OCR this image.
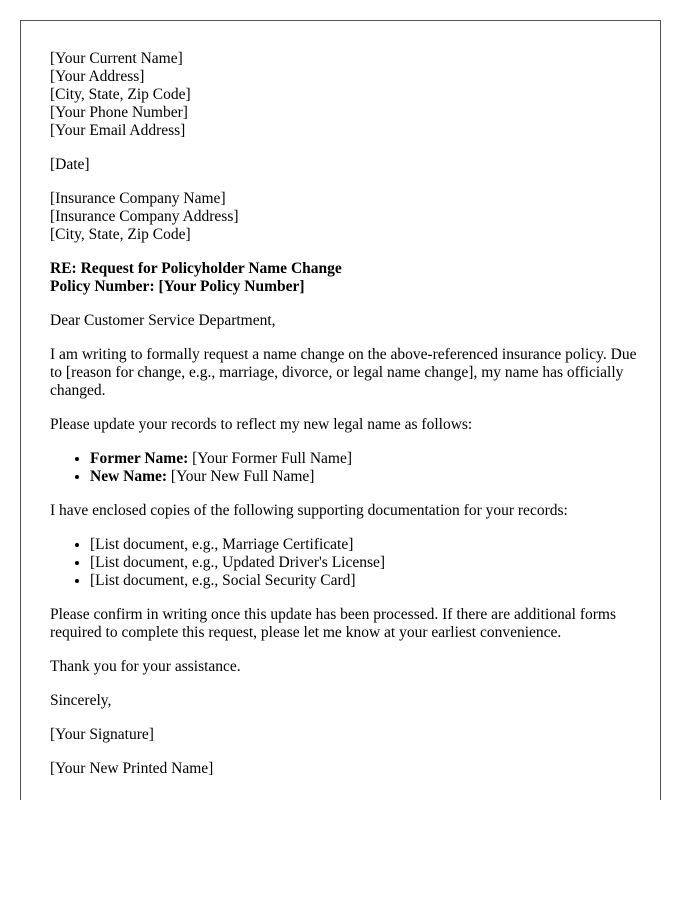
[Your Current Name]
[Your Address]
[City, State, Zip Code]
[Your Phone Number]
[Your Email Address]
[Date]
[Insurance Company Name]
[Insurance Company Address]
[City, State, Zip Code]
RE: Request for Policyholder Name Change
Policy Number: [Your Policy Number]

Dear Customer Service Department,

I am writing to formally request a name change on the above-referenced insurance policy. Due to [reason for change, e.g., marriage, divorce, or legal name change], my name has officially changed.

Please update your records to reflect my new legal name as follows:

• Former Name: [Your Former Full Name]
• New Name: [Your New Full Name]

I have enclosed copies of the following supporting documentation for your records:

• [List document, e.g., Marriage Certificate]
• [List document, e.g., Updated Driver's License]
• [List document, e.g., Social Security Card]

Please confirm in writing once this update has been processed. If there are additional forms required to complete this request, please let me know at your earliest convenience.

Thank you for your assistance.

Sincerely,

[Your Signature]

[Your New Printed Name]
